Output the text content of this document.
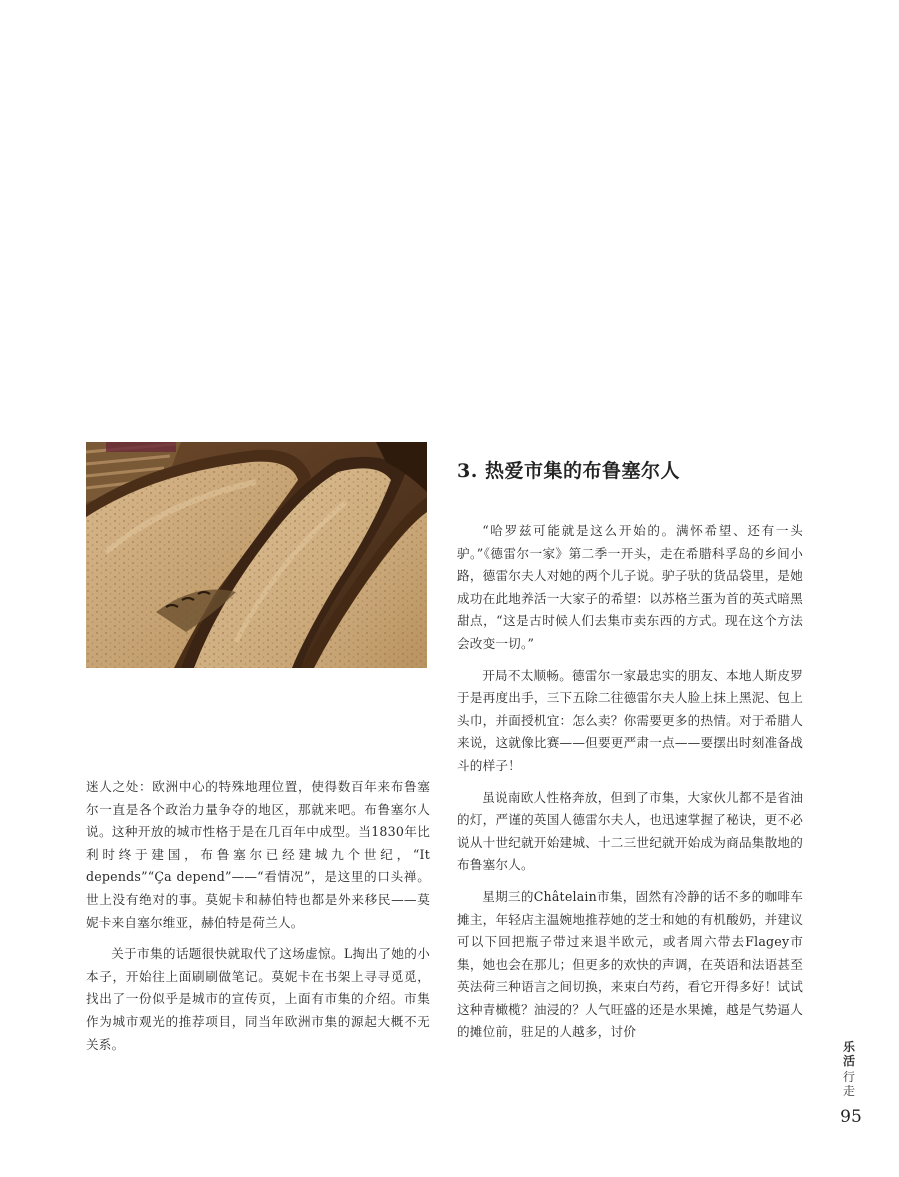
3. 热爱市集的布鲁塞尔人

迷人之处：欧洲中心的特殊地理位置，使得数百年来布鲁塞尔一直是各个政治力量争夺的地区，那就来吧。布鲁塞尔人说。这种开放的城市性格于是在几百年中成型。当1830年比利时终于建国，布鲁塞尔已经建城九个世纪，“It depends”“Ça depend”——“看情况”，是这里的口头禅。世上没有绝对的事。莫妮卡和赫伯特也都是外来移民——莫妮卡来自塞尔维亚，赫伯特是荷兰人。

关于市集的话题很快就取代了这场虚惊。L掏出了她的小本子，开始往上面刷刷做笔记。莫妮卡在书架上寻寻觅觅，找出了一份似乎是城市的宣传页，上面有市集的介绍。市集作为城市观光的推荐项目，同当年欧洲市集的源起大概不无关系。

“哈罗兹可能就是这么开始的。满怀希望、还有一头驴。”《德雷尔一家》第二季一开头，走在希腊科孚岛的乡间小路，德雷尔夫人对她的两个儿子说。驴子驮的货品袋里，是她成功在此地养活一大家子的希望：以苏格兰蛋为首的英式暗黑甜点，“这是古时候人们去集市卖东西的方式。现在这个方法会改变一切。”

开局不太顺畅。德雷尔一家最忠实的朋友、本地人斯皮罗于是再度出手，三下五除二往德雷尔夫人脸上抹上黑泥、包上头巾，并面授机宜：怎么卖？你需要更多的热情。对于希腊人来说，这就像比赛——但要更严肃一点——要摆出时刻准备战斗的样子！

虽说南欧人性格奔放，但到了市集，大家伙儿都不是省油的灯，严谨的英国人德雷尔夫人，也迅速掌握了秘诀，更不必说从十世纪就开始建城、十二三世纪就开始成为商品集散地的布鲁塞尔人。

星期三的Châtelain市集，固然有冷静的话不多的咖啡车摊主，年轻店主温婉地推荐她的芝士和她的有机酸奶，并建议可以下回把瓶子带过来退半欧元，或者周六带去Flagey市集，她也会在那儿；但更多的欢快的声调，在英语和法语甚至英法荷三种语言之间切换，来束白芍药，看它开得多好！试试这种青橄榄？油浸的？人气旺盛的还是水果摊，越是气势逼人的摊位前，驻足的人越多，讨价

乐活
行走
95
